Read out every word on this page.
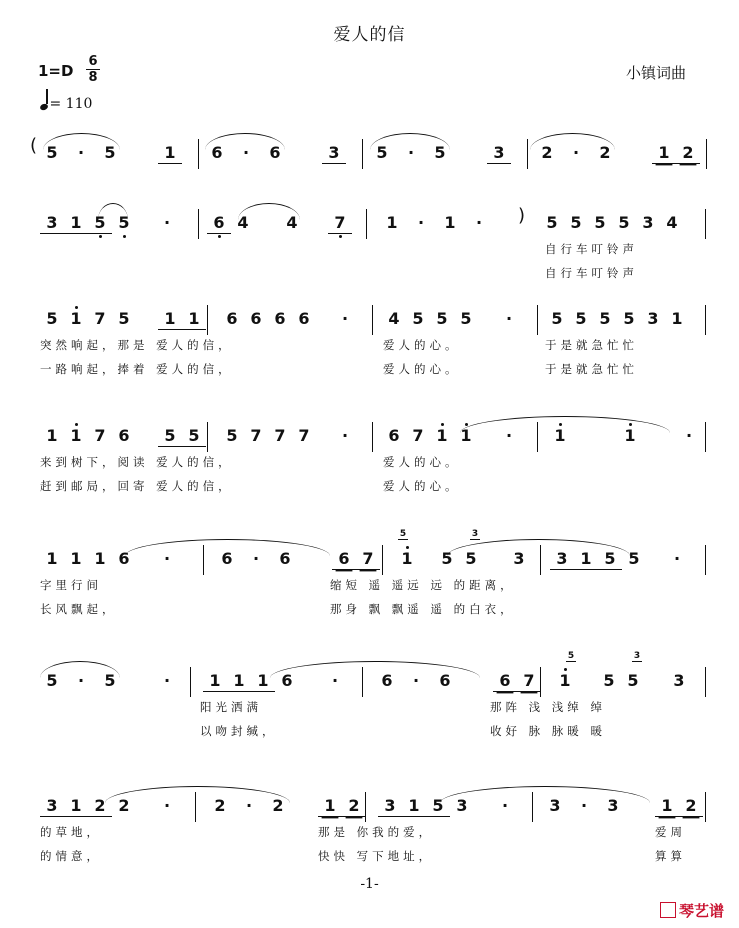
爱人的信
1=D
6
8
= 110
小镇词曲
( 5 · 5	1	6 · 6	3	5 · 5	3	2 · 2	1 2
)
3 1 5 5	·	6 4	4	7	1 · 1 ·	5 5 5 5 3 4
自行车叮铃声
自行车叮铃声
5 1 7 5	1 1	6 6 6 6	·	4 5 5 5	·	5 5 5 5 3 1
突然响起，那是 爱人的信，
一路响起，捧着 爱人的信，
爱人的心。
爱人的心。
于是就急忙忙
于是就急忙忙
1 1 7 6	5 5	5 7 7 7	·	6 7 1 1	·	1	1	·
来到树下，阅读 爱人的信，
赶到邮局，回寄 爱人的信，
爱人的心。
爱人的心。
1 1 1 6	·	6 · 6	6 7	1	5 5	3	3 1 5 5	·
字里行间
长风飘起，
缩短 遥 遥远 远 的距离，
那身 飘 飘遥 遥 的白衣，
5	3
5 · 5	·	1 1 1 6	·	6 · 6	6 7	1	5 5	3
阳光洒满
以吻封缄，
那阵 浅 浅绰 绰
收好 脉 脉暖 暖
5	3
3 1 2 2	·	2 · 2	1 2	3 1 5 3	·	3 · 3	1 2
的草地，
的情意，
那是 你我的爱，
快快 写下地址，
爱周
算算
-1-
琴艺谱
